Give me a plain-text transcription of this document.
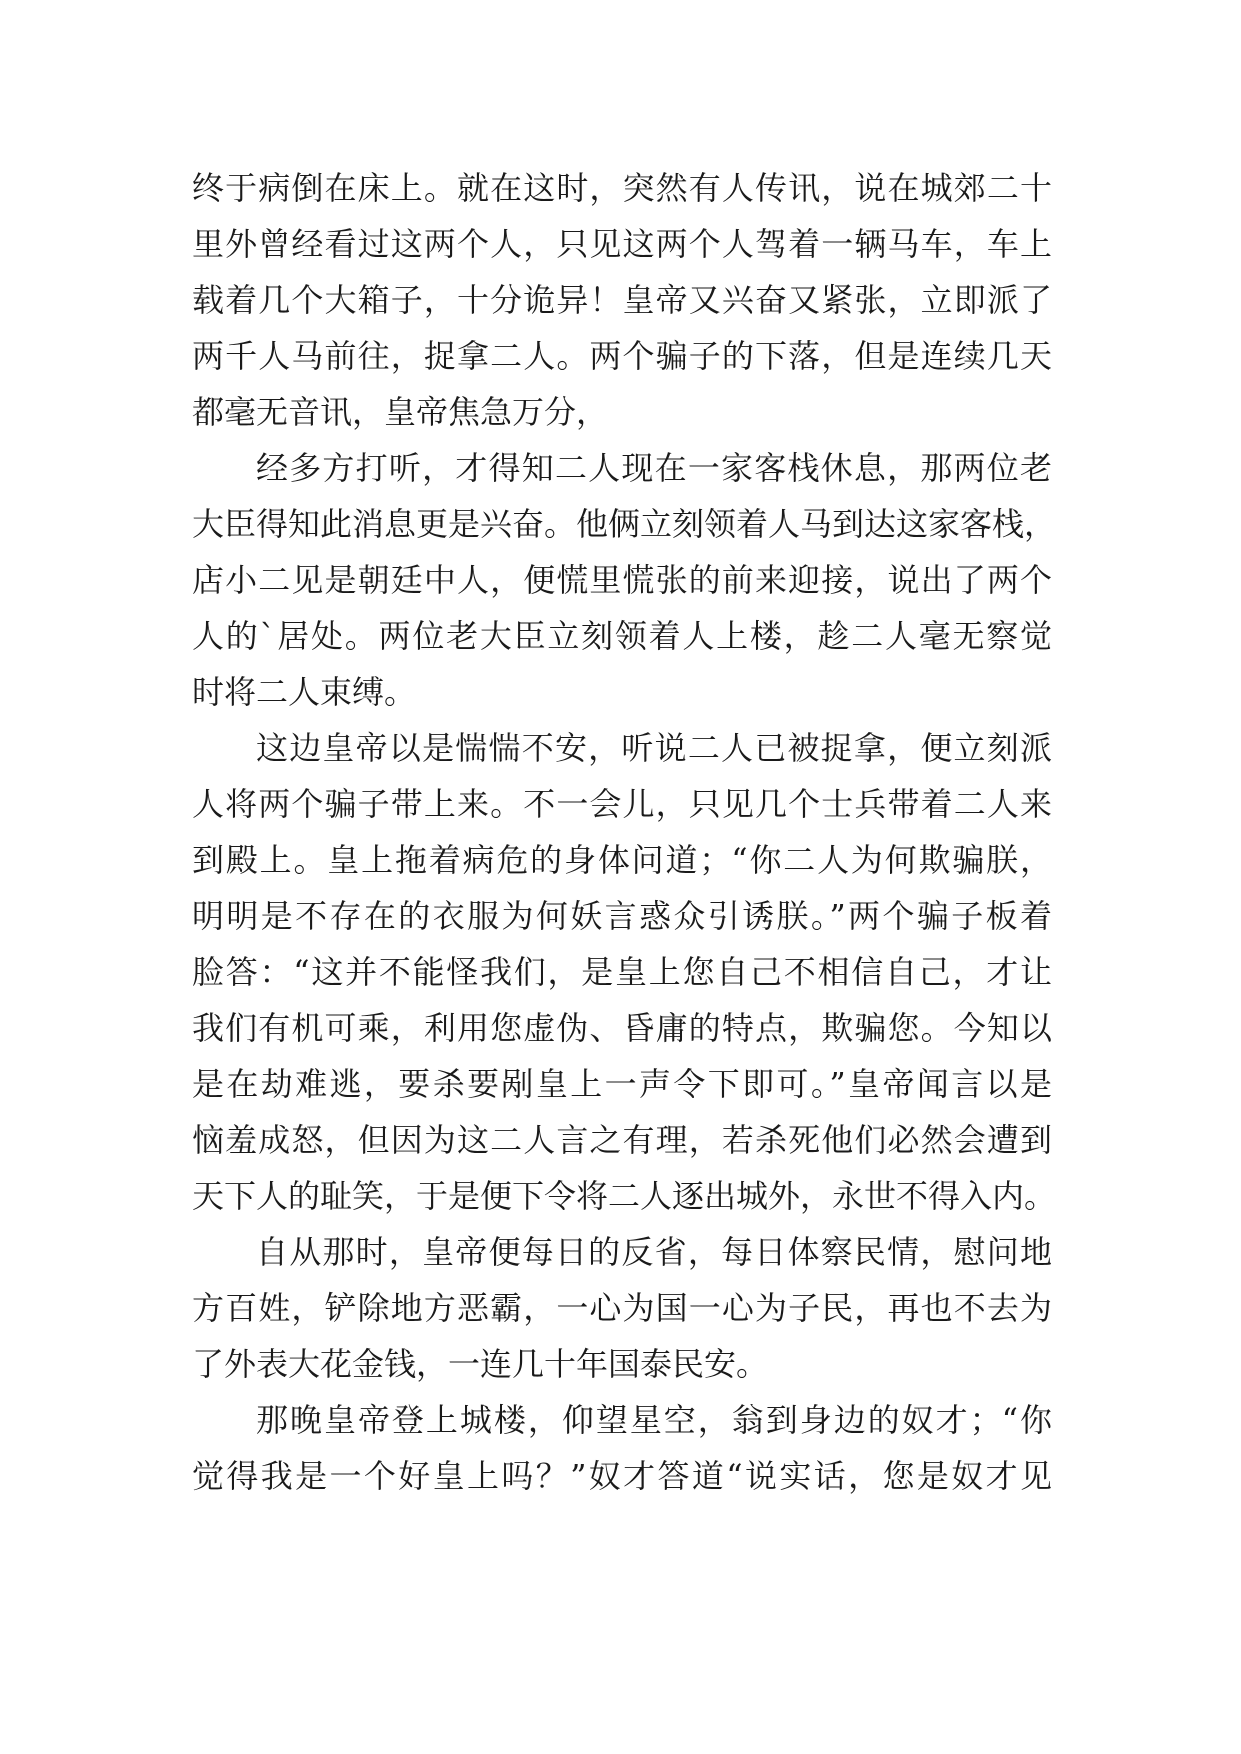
终于病倒在床上。就在这时，突然有人传讯，说在城郊二十
里外曾经看过这两个人，只见这两个人驾着一辆马车，车上
载着几个大箱子，十分诡异！皇帝又兴奋又紧张，立即派了
两千人马前往，捉拿二人。两个骗子的下落，但是连续几天
都毫无音讯，皇帝焦急万分，
经多方打听，才得知二人现在一家客栈休息，那两位老
大臣得知此消息更是兴奋。他俩立刻领着人马到达这家客栈，
店小二见是朝廷中人，便慌里慌张的前来迎接，说出了两个
人的`居处。两位老大臣立刻领着人上楼，趁二人毫无察觉
时将二人束缚。
这边皇帝以是惴惴不安，听说二人已被捉拿，便立刻派
人将两个骗子带上来。不一会儿，只见几个士兵带着二人来
到殿上。皇上拖着病危的身体问道；“你二人为何欺骗朕，
明明是不存在的衣服为何妖言惑众引诱朕。”两个骗子板着
脸答：“这并不能怪我们，是皇上您自己不相信自己，才让
我们有机可乘，利用您虚伪、昏庸的特点，欺骗您。今知以
是在劫难逃，要杀要剐皇上一声令下即可。”皇帝闻言以是
恼羞成怒，但因为这二人言之有理，若杀死他们必然会遭到
天下人的耻笑，于是便下令将二人逐出城外，永世不得入内。
自从那时，皇帝便每日的反省，每日体察民情，慰问地
方百姓，铲除地方恶霸，一心为国一心为子民，再也不去为
了外表大花金钱，一连几十年国泰民安。
那晚皇帝登上城楼，仰望星空，翁到身边的奴才；“你
觉得我是一个好皇上吗？”奴才答道“说实话，您是奴才见
